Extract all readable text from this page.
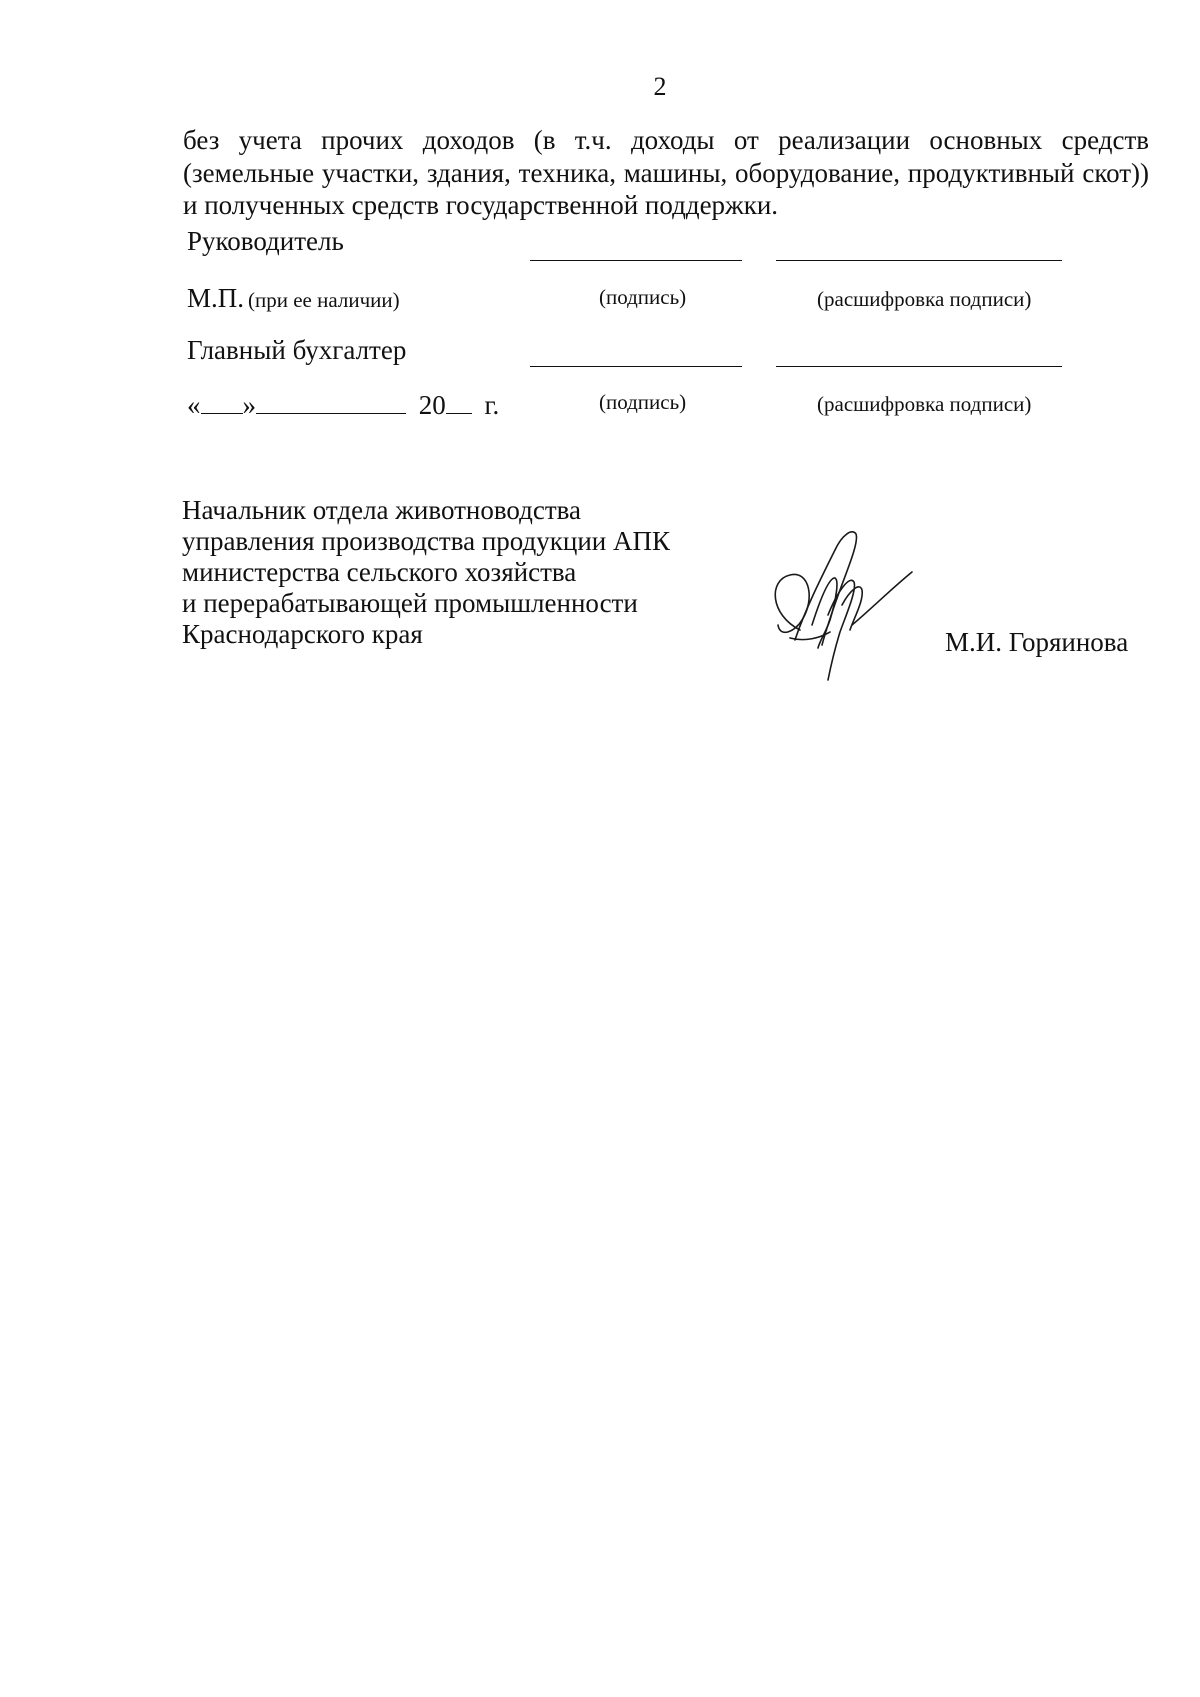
2
без учета прочих доходов (в т.ч. доходы от реализации основных средств (земельные участки, здания, техника, машины, оборудование, продуктивный скот)) и полученных средств государственной поддержки.
Руководитель
М.П. (при ее наличии)	(подпись)	(расшифровка подписи)
Главный бухгалтер
« »	20 г.	(подпись)	(расшифровка подписи)
Начальник отдела животноводства
управления производства продукции АПК
министерства сельского хозяйства
и перерабатывающей промышленности
Краснодарского края	М.И. Горяинова
